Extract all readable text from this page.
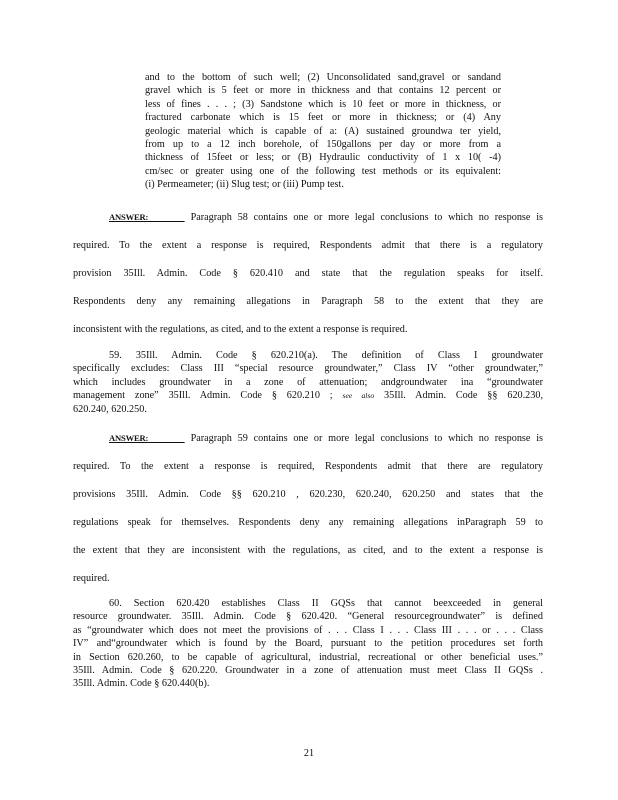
and to the bottom of such well; (2) Unconsolidated sand,gravel or sandand
gravel which is 5 feet or more in thickness and that contains 12 percent or
less of fines . . . ; (3) Sandstone which is 10 feet or more in thickness, or
fractured carbonate which is 15 feet or more in thickness; or (4) Any
geologic material which is capable of a: (A) sustained groundwa ter yield,
from up to a 12 inch borehole, of 150gallons per day or more from a
thickness of 15feet or less; or (B) Hydraulic conductivity of 1 x 10( -4)
cm/sec or greater using one of the following test methods or its equivalent:
(i) Permeameter; (ii) Slug test; or (iii) Pump test.
ANSWER:	Paragraph 58 contains one or more legal conclusions to which no response is
required. To the extent a response is required, Respondents admit that there is a regulatory
provision 35Ill. Admin. Code § 620.410 and state that the regulation speaks for itself.
Respondents deny any remaining allegations in Paragraph 58 to the extent that they are
inconsistent with the regulations, as cited, and to the extent a response is required.
59. 35Ill. Admin. Code § 620.210(a). The definition of Class I groundwater
specifically excludes: Class III “special resource groundwater,” Class IV “other groundwater,”
which includes groundwater in a zone of attenuation; andgroundwater ina “groundwater
management zone” 35Ill. Admin. Code § 620.210 ; see also 35Ill. Admin. Code §§ 620.230,
620.240, 620.250.
ANSWER:	Paragraph 59 contains one or more legal conclusions to which no response is
required. To the extent a response is required, Respondents admit that there are regulatory
provisions 35Ill. Admin. Code §§ 620.210 , 620.230, 620.240, 620.250 and states that the
regulations speak for themselves. Respondents deny any remaining allegations inParagraph 59 to
the extent that they are inconsistent with the regulations, as cited, and to the extent a response is
required.
60. Section 620.420 establishes Class II GQSs that cannot beexceeded in general
resource groundwater. 35Ill. Admin. Code § 620.420. “General resourcegroundwater” is defined
as “groundwater which does not meet the provisions of . . . Class I . . . Class III . . . or . . . Class
IV” and“groundwater which is found by the Board, pursuant to the petition procedures set forth
in Section 620.260, to be capable of agricultural, industrial, recreational or other beneficial uses.”
35Ill. Admin. Code § 620.220. Groundwater in a zone of attenuation must meet Class II GQSs .
35Ill. Admin. Code § 620.440(b).
21
